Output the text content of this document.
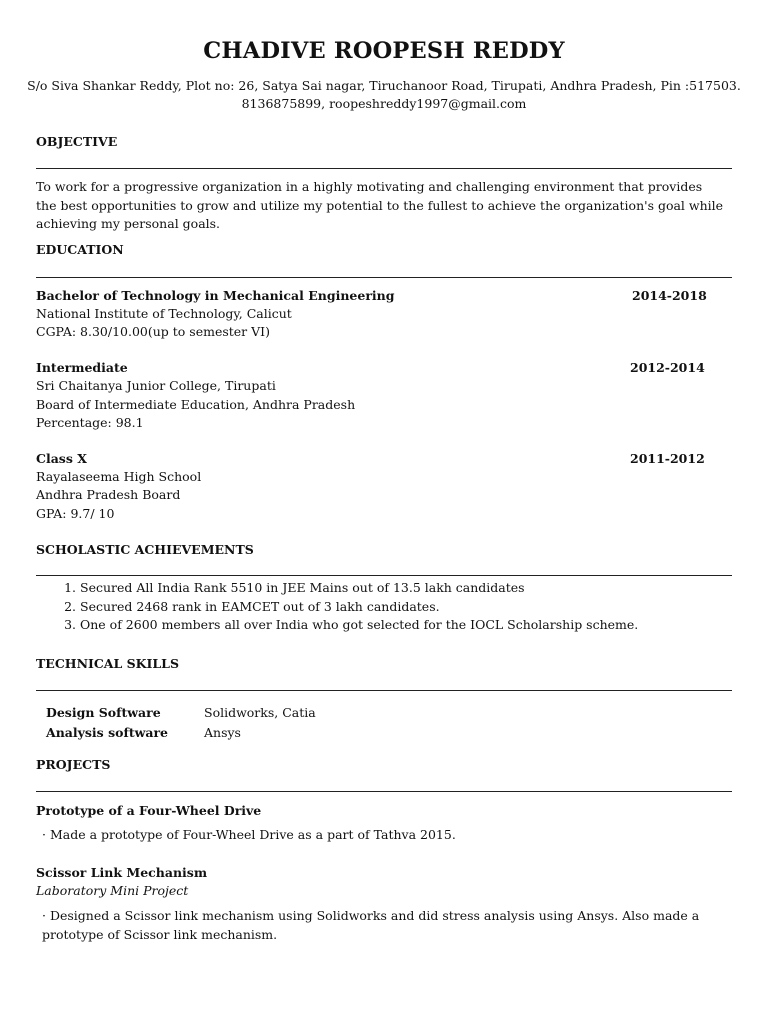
CHADIVE ROOPESH REDDY
S/o Siva Shankar Reddy, Plot no: 26, Satya Sai nagar, Tiruchanoor Road, Tirupati, Andhra Pradesh, Pin :517503.
8136875899, roopeshreddy1997@gmail.com
OBJECTIVE
To work for a progressive organization in a highly motivating and challenging environment that provides the best opportunities to grow and utilize my potential to the fullest to achieve the organization's goal while achieving my personal goals.
EDUCATION
Bachelor of Technology in Mechanical Engineering	2014-2018
National Institute of Technology, Calicut
CGPA: 8.30/10.00(up to semester VI)
Intermediate	2012-2014
Sri Chaitanya Junior College, Tirupati
Board of Intermediate Education, Andhra Pradesh
Percentage: 98.1
Class X	2011-2012
Rayalaseema High School
Andhra Pradesh Board
GPA: 9.7/ 10
SCHOLASTIC ACHIEVEMENTS
1. Secured All India Rank 5510 in JEE Mains out of 13.5 lakh candidates
2. Secured 2468 rank in EAMCET out of 3 lakh candidates.
3. One of 2600 members all over India who got selected for the IOCL Scholarship scheme.
TECHNICAL SKILLS
Design Software	Solidworks, Catia
Analysis software	Ansys
PROJECTS
Prototype of a Four-Wheel Drive
· Made a prototype of Four-Wheel Drive as a part of Tathva 2015.
Scissor Link Mechanism
Laboratory Mini Project
· Designed a Scissor link mechanism using Solidworks and did stress analysis using Ansys. Also made a prototype of Scissor link mechanism.
